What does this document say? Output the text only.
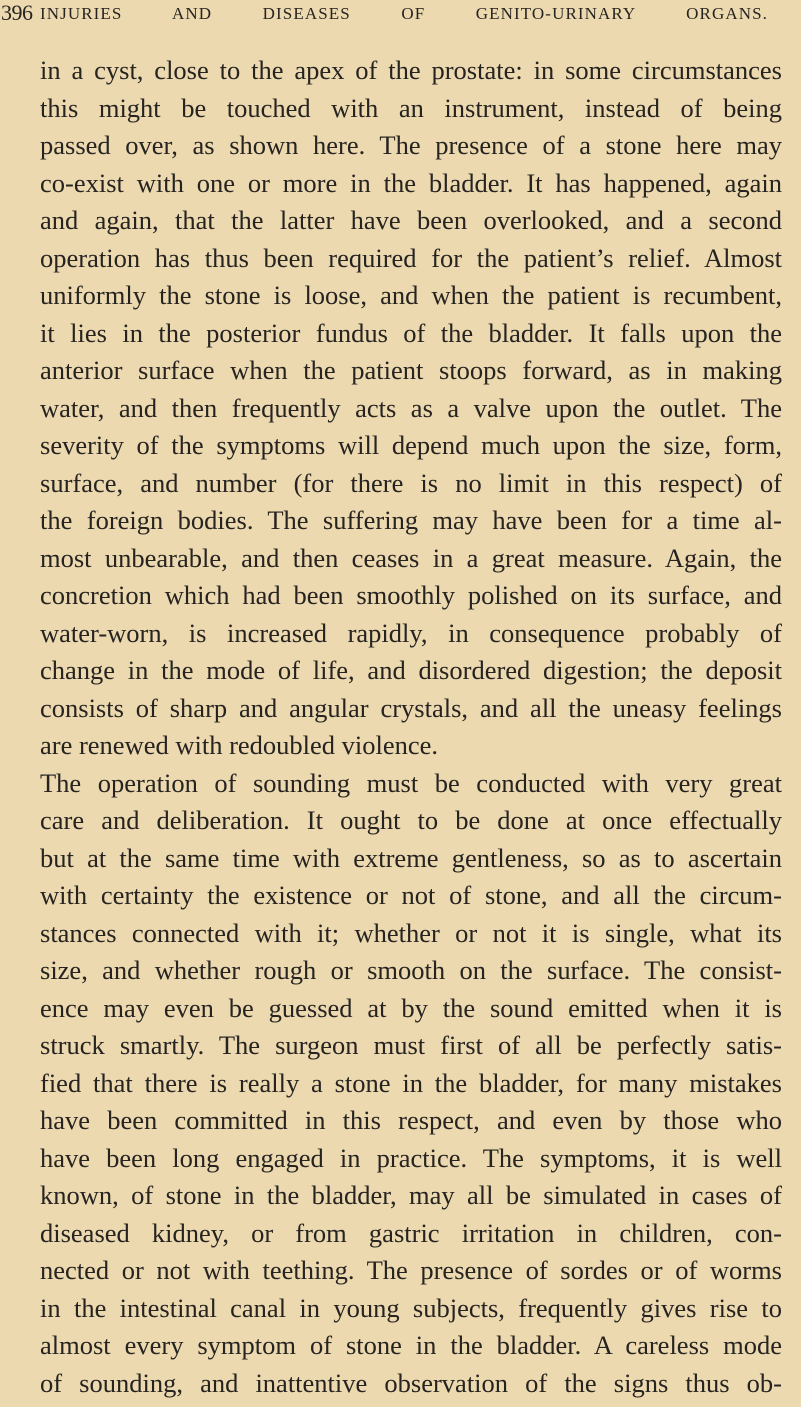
396 INJURIES AND DISEASES OF GENITO-URINARY ORGANS.
in a cyst, close to the apex of the prostate: in some circumstances
this might be touched with an instrument, instead of being
passed over, as shown here. The presence of a stone here may
co-exist with one or more in the bladder. It has happened, again
and again, that the latter have been overlooked, and a second
operation has thus been required for the patient’s relief. Almost
uniformly the stone is loose, and when the patient is recumbent,
it lies in the posterior fundus of the bladder. It falls upon the
anterior surface when the patient stoops forward, as in making
water, and then frequently acts as a valve upon the outlet. The
severity of the symptoms will depend much upon the size, form,
surface, and number (for there is no limit in this respect) of
the foreign bodies. The suffering may have been for a time al-
most unbearable, and then ceases in a great measure. Again, the
concretion which had been smoothly polished on its surface, and
water-worn, is increased rapidly, in consequence probably of
change in the mode of life, and disordered digestion; the deposit
consists of sharp and angular crystals, and all the uneasy feelings
are renewed with redoubled violence.
The operation of sounding must be conducted with very great
care and deliberation. It ought to be done at once effectually
but at the same time with extreme gentleness, so as to ascertain
with certainty the existence or not of stone, and all the circum-
stances connected with it; whether or not it is single, what its
size, and whether rough or smooth on the surface. The consist-
ence may even be guessed at by the sound emitted when it is
struck smartly. The surgeon must first of all be perfectly satis-
fied that there is really a stone in the bladder, for many mistakes
have been committed in this respect, and even by those who
have been long engaged in practice. The symptoms, it is well
known, of stone in the bladder, may all be simulated in cases of
diseased kidney, or from gastric irritation in children, con-
nected or not with teething. The presence of sordes or of worms
in the intestinal canal in young subjects, frequently gives rise to
almost every symptom of stone in the bladder. A careless mode
of sounding, and inattentive observation of the signs thus ob-
